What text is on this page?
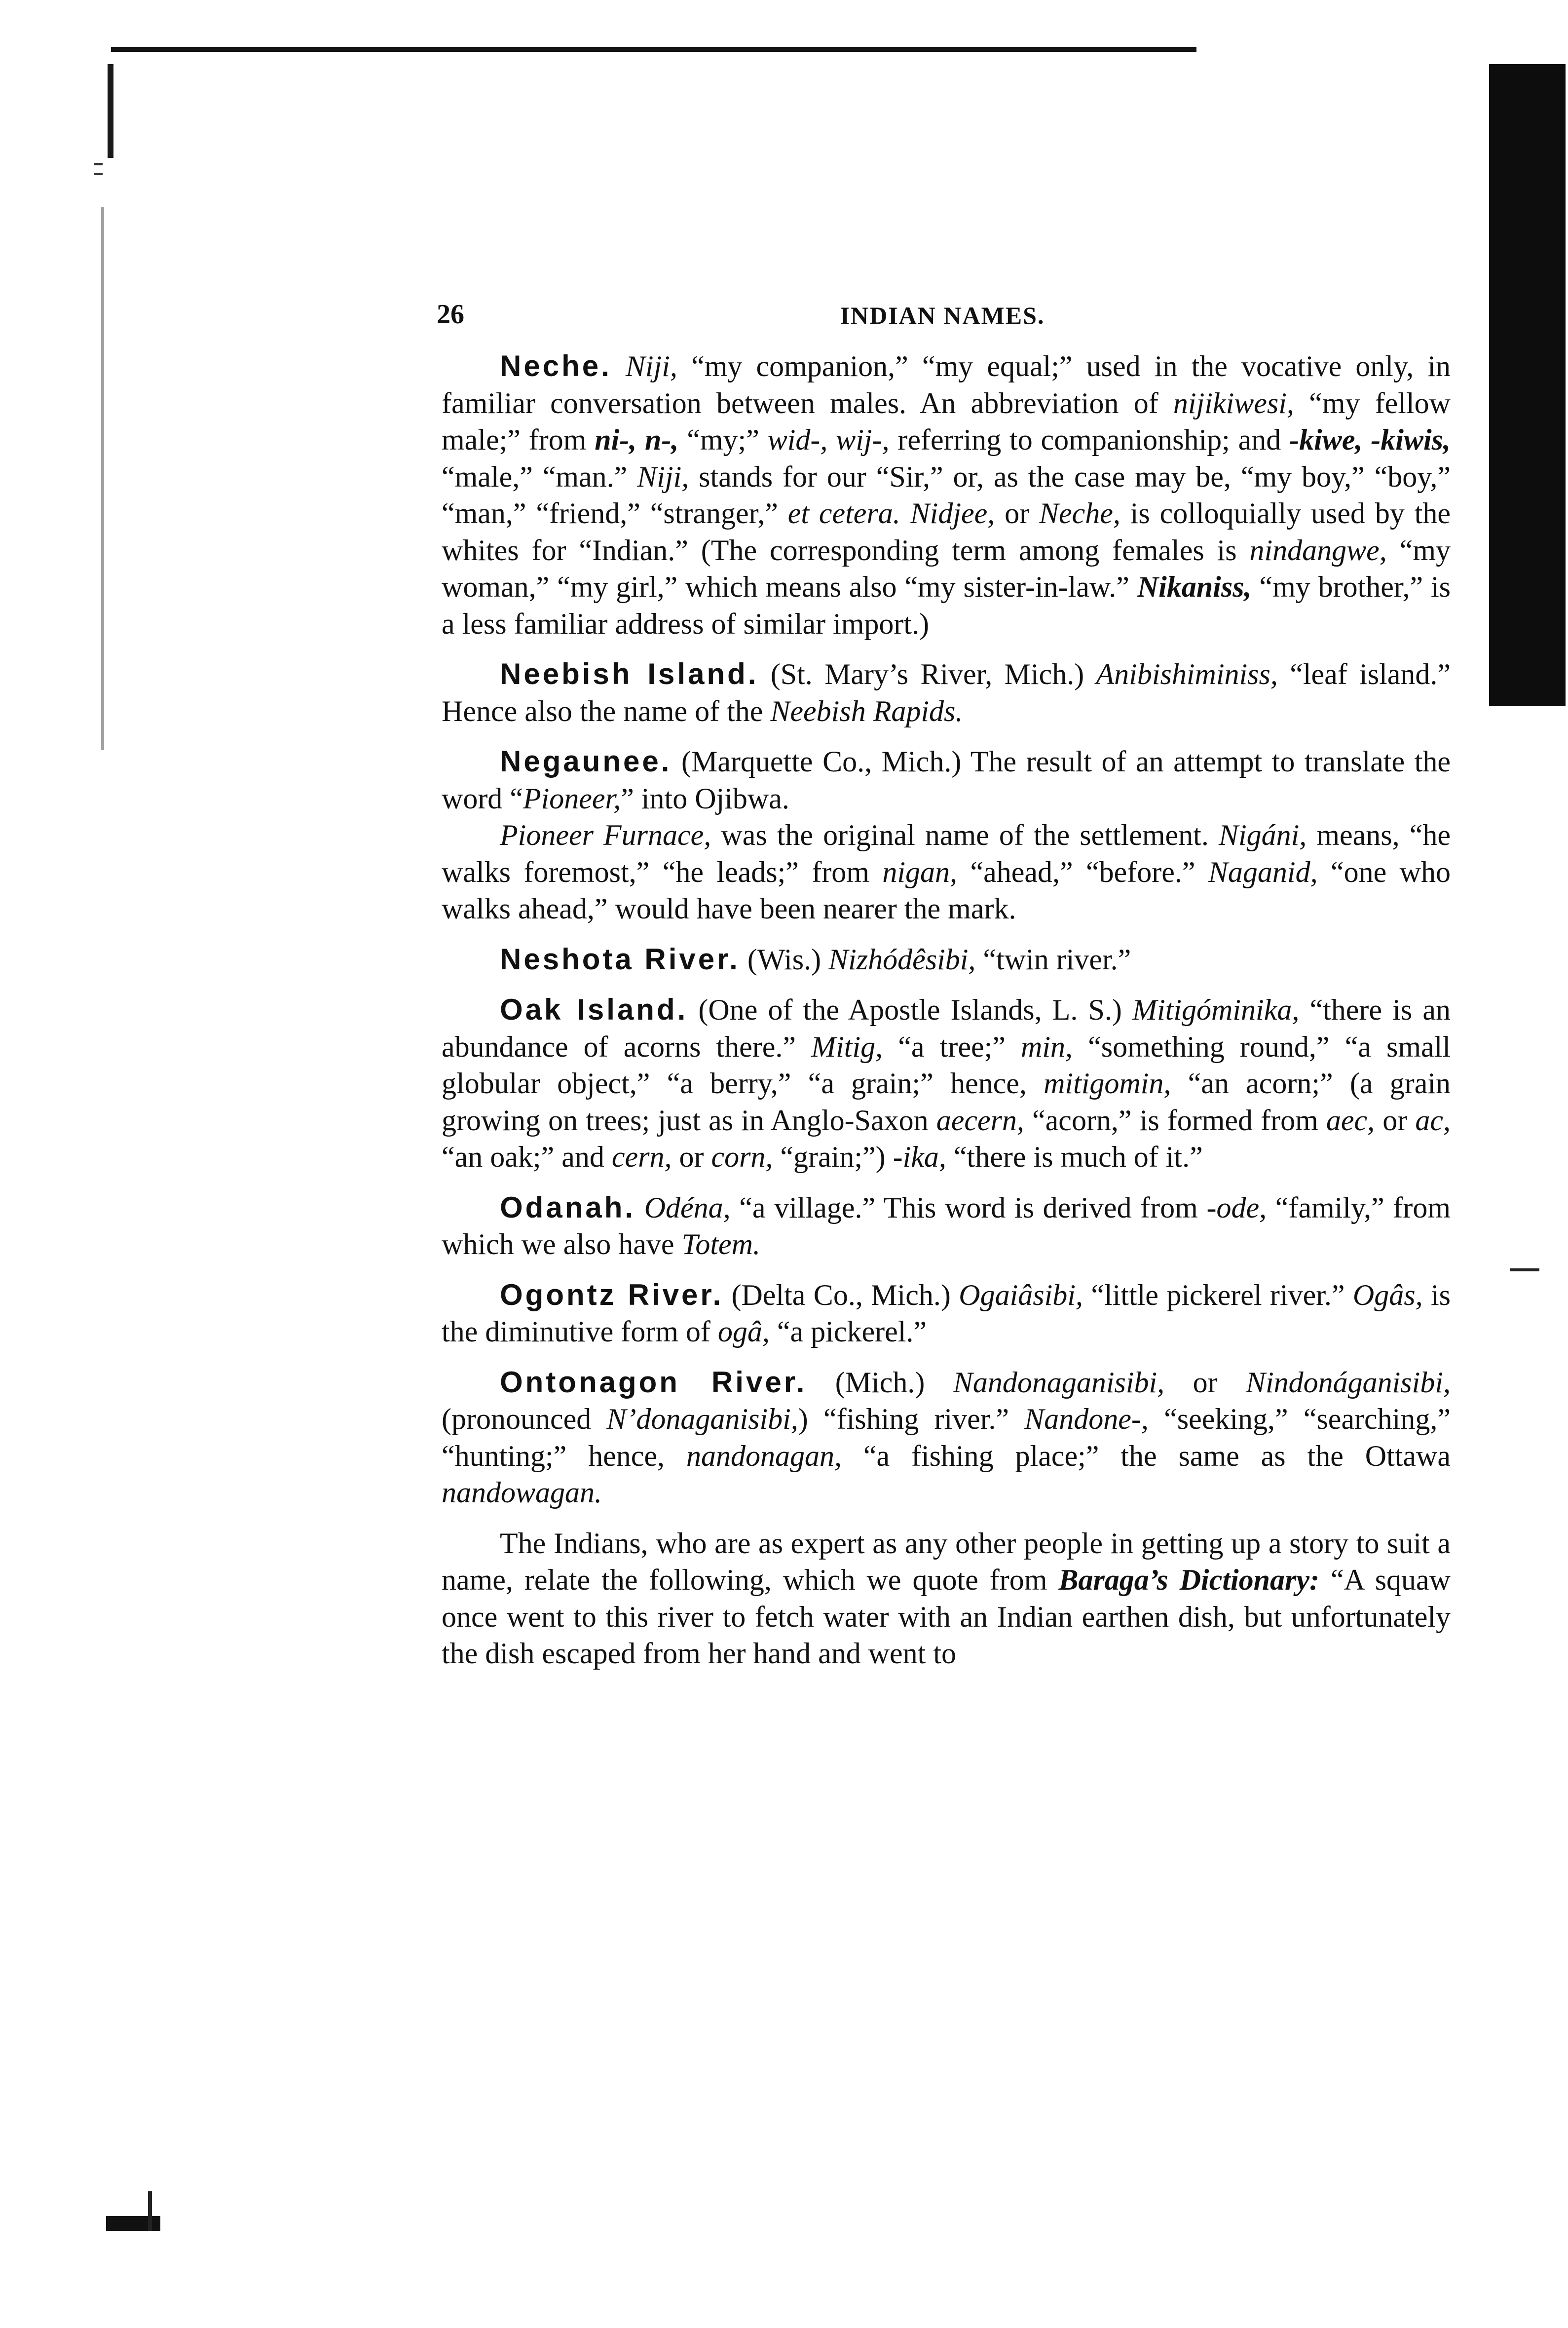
26	INDIAN NAMES.

Neche. Niji, “my companion,” “my equal;” used in the vocative only, in familiar conversation between males. An abbreviation of nijikiwesi, “my fellow male;” from ni-, n-, “my;” wid-, wij-, referring to companionship; and -kiwe, -kiwis, “male,” “man.” Niji, stands for our “Sir,” or, as the case may be, “my boy,” “boy,” “man,” “friend,” “stranger,” et cetera. Nidjee, or Neche, is colloquially used by the whites for “Indian.” (The corresponding term among females is nindangwe, “my woman,” “my girl,” which means also “my sister-in-law.” Nikaniss, “my brother,” is a less familiar address of similar import.)

Neebish Island. (St. Mary’s River, Mich.) Anibishiminiss, “leaf island.” Hence also the name of the Neebish Rapids.

Negaunee. (Marquette Co., Mich.) The result of an attempt to translate the word “Pioneer,” into Ojibwa.

Pioneer Furnace, was the original name of the settlement. Nigáni, means, “he walks foremost,” “he leads;” from nigan, “ahead,” “before.” Naganid, “one who walks ahead,” would have been nearer the mark.

Neshota River. (Wis.) Nizhódêsibi, “twin river.”

Oak Island. (One of the Apostle Islands, L. S.) Mitigóminika, “there is an abundance of acorns there.” Mitig, “a tree;” min, “something round,” “a small globular object,” “a berry,” “a grain;” hence, mitigomin, “an acorn;” (a grain growing on trees; just as in Anglo-Saxon aecern, “acorn,” is formed from aec, or ac, “an oak;” and cern, or corn, “grain;”) -ika, “there is much of it.”

Odanah. Odéna, “a village.” This word is derived from -ode, “family,” from which we also have Totem.

Ogontz River. (Delta Co., Mich.) Ogaiâsibi, “little pickerel river.” Ogâs, is the diminutive form of ogâ, “a pickerel.”

Ontonagon River. (Mich.) Nandonaganisibi, or Nindonáganisibi, (pronounced N’donaganisibi,) “fishing river.” Nandone-, “seeking,” “searching,” “hunting;” hence, nandonagan, “a fishing place;” the same as the Ottawa nandowagan.

The Indians, who are as expert as any other people in getting up a story to suit a name, relate the following, which we quote from Baraga’s Dictionary: “A squaw once went to this river to fetch water with an Indian earthen dish, but unfortunately the dish escaped from her hand and went to
